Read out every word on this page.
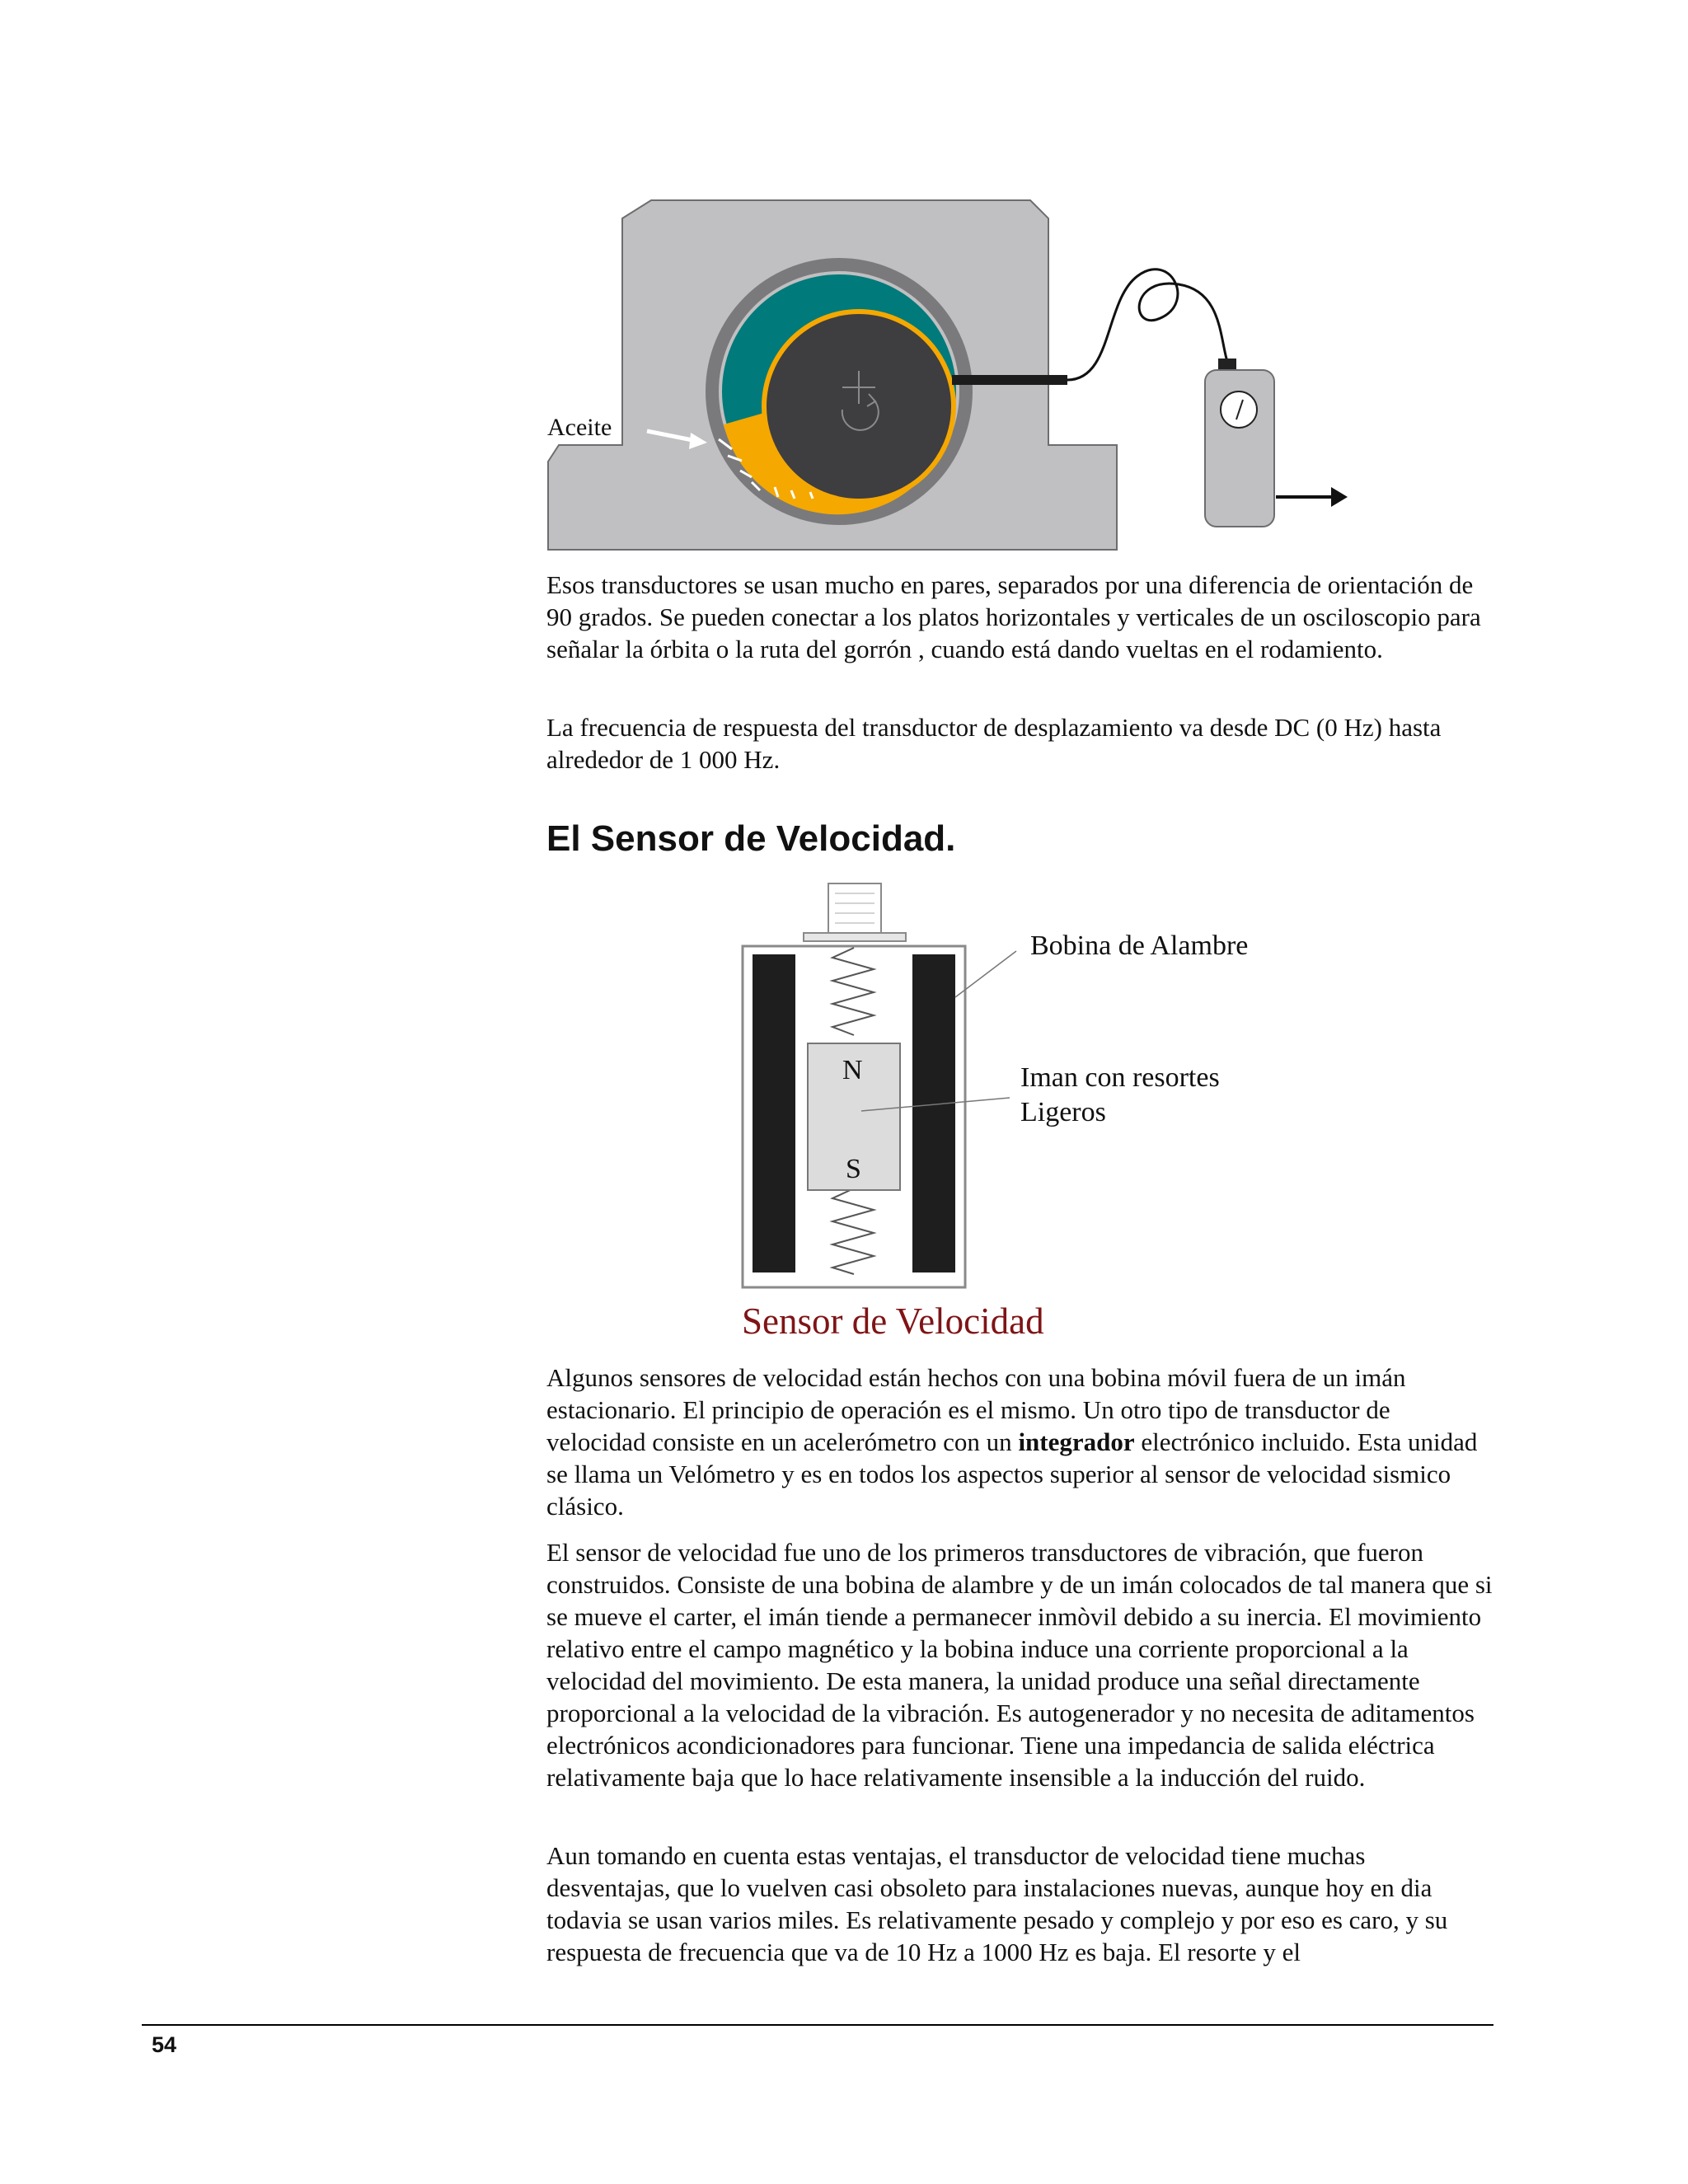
Aceite

Esos transductores se usan mucho en pares, separados por una diferencia de orientación de 90 grados. Se pueden conectar a los platos horizontales y verticales de un osciloscopio para señalar la órbita o la ruta del gorrón , cuando está dando vueltas en el rodamiento.

La frecuencia de respuesta del transductor de desplazamiento va desde DC (0 Hz) hasta alrededor de 1 000 Hz.

El Sensor de Velocidad.
N
S
Bobina de Alambre
Iman con resortes
Ligeros
Sensor de Velocidad

Algunos sensores de velocidad están hechos con una bobina móvil fuera de un imán estacionario. El principio de operación es el mismo. Un otro tipo de transductor de velocidad consiste en un acelerómetro con un integrador electrónico incluido. Esta unidad se llama un Velómetro y es en todos los aspectos superior al sensor de velocidad sismico clásico.

El sensor de velocidad fue uno de los primeros transductores de vibración, que fueron construidos. Consiste de una bobina de alambre y de un imán colocados de tal manera que si se mueve el carter, el imán tiende a permanecer inmòvil debido a su inercia. El movimiento relativo entre el campo magnético y la bobina induce una corriente proporcional a la velocidad del movimiento. De esta manera, la unidad produce una señal directamente proporcional a la velocidad de la vibración. Es autogenerador y no necesita de aditamentos electrónicos acondicionadores para funcionar. Tiene una impedancia de salida eléctrica relativamente baja que lo hace relativamente insensible a la inducción del ruido.

Aun tomando en cuenta estas ventajas, el transductor de velocidad tiene muchas desventajas, que lo vuelven casi obsoleto para instalaciones nuevas, aunque hoy en dia todavia se usan varios miles. Es relativamente pesado y complejo y por eso es caro, y su respuesta de frecuencia que va de 10 Hz a 1000 Hz es baja. El resorte y el

54
